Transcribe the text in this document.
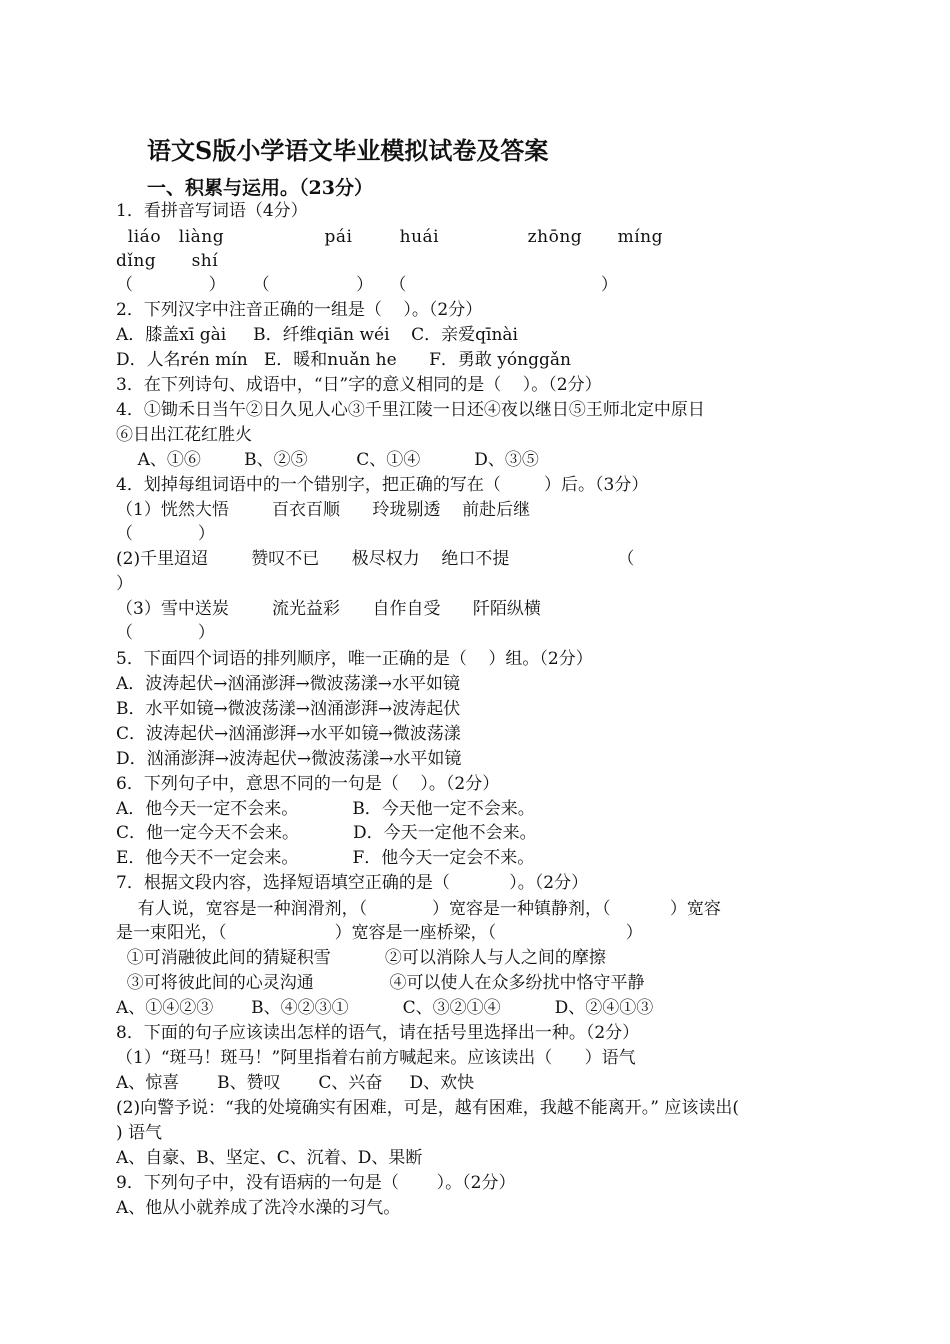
语文S版小学语文毕业模拟试卷及答案
一、积累与运用。（23分）
1．看拼音写词语（4分）
liáo   liàng                 pái        huái               zhōng      míng
dǐng      shí
（              ）     （                ）   （                                    ）
2．下列汉字中注音正确的一组是（    ）。（2分）
A．膝盖xī gài     B．纤维qiān wéi    C．亲爱qīnài
D．人名rén mín   E．暖和nuǎn he      F．勇敢 yónggǎn
3．在下列诗句、成语中，“日”字的意义相同的是（    ）。（2分）
4．①锄禾日当午②日久见人心③千里江陵一日还④夜以继日⑤王师北定中原日
⑥日出江花红胜火
A、①⑥        B、②⑤         C、①④          D、③⑤
4．划掉每组词语中的一个错别字，把正确的写在（        ）后。（3分）
（1）恍然大悟        百衣百顺      玲珑剔透    前赴后继
（            ）
(2)千里迢迢        赞叹不已      极尽权力    绝口不提                    （
）
（3）雪中送炭        流光益彩      自作自受      阡陌纵横
（            ）
5．下面四个词语的排列顺序，唯一正确的是（    ）组。（2分）
A．波涛起伏→汹涌澎湃→微波荡漾→水平如镜
B．水平如镜→微波荡漾→汹涌澎湃→波涛起伏
C．波涛起伏→汹涌澎湃→水平如镜→微波荡漾
D．汹涌澎湃→波涛起伏→微波荡漾→水平如镜
6．下列句子中，意思不同的一句是（    ）。（2分）
A．他今天一定不会来。          B．今天他一定不会来。
C．他一定今天不会来。          D．今天一定他不会来。
E．他今天不一定会来。          F．他今天一定会不来。
7．根据文段内容，选择短语填空正确的是（           ）。（2分）
有人说，宽容是一种润滑剂，（            ）宽容是一种镇静剂，（           ）宽容
是一束阳光，（                    ）宽容是一座桥梁，（                        ）
①可消融彼此间的猜疑积雪          ②可以消除人与人之间的摩擦
③可将彼此间的心灵沟通              ④可以使人在众多纷扰中恪守平静
A、①④②③       B、④②③①          C、③②①④          D、②④①③
8．下面的句子应该读出怎样的语气，请在括号里选择出一种。（2分）
（1）“斑马！斑马！”阿里指着右前方喊起来。应该读出（      ）语气
A、惊喜       B、赞叹       C、兴奋     D、欢快
(2)向警予说：“我的处境确实有困难，可是，越有困难，我越不能离开。” 应该读出(
) 语气
A、自豪、B、坚定、C、沉着、D、果断
9．下列句子中，没有语病的一句是（       ）。（2分）
A、他从小就养成了洗冷水澡的习气。
